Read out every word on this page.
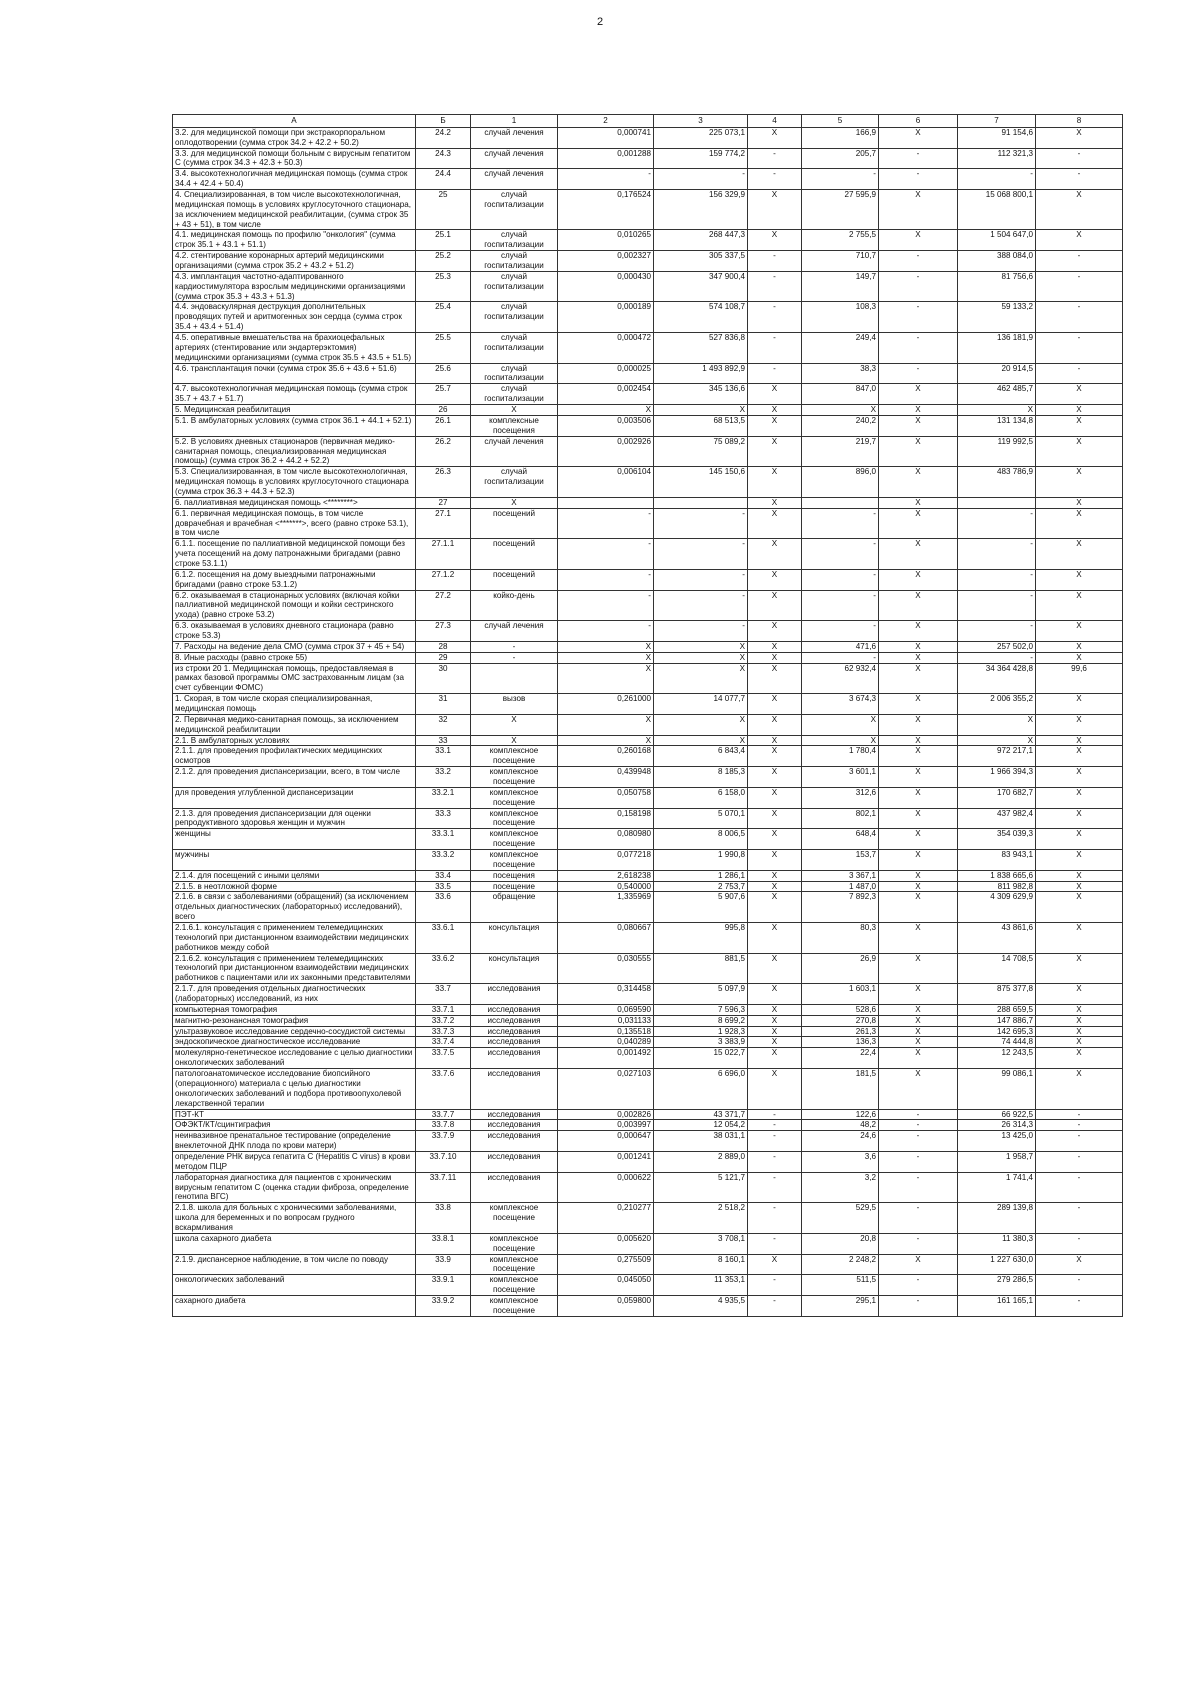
2
А	Б	1	2	3	4	5	6	7	8
3.2. для медицинской помощи при экстракорпоральном оплодотворении (сумма строк 34.2 + 42.2 + 50.2)	24.2	случай лечения	0,000741	225 073,1	X	166,9	X	91 154,6	X
3.3. для медицинской помощи больным с вирусным гепатитом С (сумма строк 34.3 + 42.3 + 50.3)	24.3	случай лечения	0,001288	159 774,2	-	205,7	-	112 321,3	-
3.4. высокотехнологичная медицинская помощь (сумма строк 34.4 + 42.4 + 50.4)	24.4	случай лечения	-	-	-	-	-	-	-
4. Специализированная, в том числе высокотехнологичная, медицинская помощь в условиях круглосуточного стационара, за исключением медицинской реабилитации, (сумма строк 35 + 43 + 51), в том числе	25	случай госпитализации	0,176524	156 329,9	X	27 595,9	X	15 068 800,1	X
4.1. медицинская помощь по профилю "онкология" (сумма строк 35.1 + 43.1 + 51.1)	25.1	случай госпитализации	0,010265	268 447,3	X	2 755,5	X	1 504 647,0	X
4.2. стентирование коронарных артерий медицинскими организациями (сумма строк 35.2 + 43.2 + 51.2)	25.2	случай госпитализации	0,002327	305 337,5	-	710,7	-	388 084,0	-
4.3. имплантация частотно-адаптированного кардиостимулятора взрослым медицинскими организациями (сумма строк 35.3 + 43.3 + 51.3)	25.3	случай госпитализации	0,000430	347 900,4	-	149,7	-	81 756,6	-
4.4. эндоваскулярная деструкция дополнительных проводящих путей и аритмогенных зон сердца (сумма строк 35.4 + 43.4 + 51.4)	25.4	случай госпитализации	0,000189	574 108,7	-	108,3	-	59 133,2	-
4.5. оперативные вмешательства на брахиоцефальных артериях (стентирование или эндартерэктомия) медицинскими организациями (сумма строк 35.5 + 43.5 + 51.5)	25.5	случай госпитализации	0,000472	527 836,8	-	249,4	-	136 181,9	-
4.6. трансплантация почки (сумма строк 35.6 + 43.6 + 51.6)	25.6	случай госпитализации	0,000025	1 493 892,9	-	38,3	-	20 914,5	-
4.7. высокотехнологичная медицинская помощь (сумма строк 35.7 + 43.7 + 51.7)	25.7	случай госпитализации	0,002454	345 136,6	X	847,0	X	462 485,7	X
5. Медицинская реабилитация	26	X	X	X	X	X	X	X	X
5.1. В амбулаторных условиях (сумма строк 36.1 + 44.1 + 52.1)	26.1	комплексные посещения	0,003506	68 513,5	X	240,2	X	131 134,8	X
5.2. В условиях дневных стационаров (первичная медико-санитарная помощь, специализированная медицинская помощь) (сумма строк 36.2 + 44.2 + 52.2)	26.2	случай лечения	0,002926	75 089,2	X	219,7	X	119 992,5	X
5.3. Специализированная, в том числе высокотехнологичная, медицинская помощь в условиях круглосуточного стационара (сумма строк 36.3 + 44.3 + 52.3)	26.3	случай госпитализации	0,006104	145 150,6	X	896,0	X	483 786,9	X
6. паллиативная медицинская помощь <********>	27	X			X		X		X
6.1. первичная медицинская помощь, в том числе доврачебная и врачебная <*******>, всего (равно строке 53.1), в том числе	27.1	посещений	-	-	X	-	X	-	X
6.1.1. посещение по паллиативной медицинской помощи без учета посещений на дому патронажными бригадами (равно строке 53.1.1)	27.1.1	посещений	-	-	X	-	X	-	X
6.1.2. посещения на дому выездными патронажными бригадами (равно строке 53.1.2)	27.1.2	посещений	-	-	X	-	X	-	X
6.2. оказываемая в стационарных условиях (включая койки паллиативной медицинской помощи и койки сестринского ухода) (равно строке 53.2)	27.2	койко-день	-	-	X	-	X	-	X
6.3. оказываемая в условиях дневного стационара (равно строке 53.3)	27.3	случай лечения	-	-	X	-	X	-	X
7. Расходы на ведение дела СМО (сумма строк 37 + 45 + 54)	28	-	X	X	X	471,6	X	257 502,0	X
8. Иные расходы (равно строке 55)	29	-	X	X	X	-	X	-	X
из строки 20 1. Медицинская помощь, предоставляемая в рамках базовой программы ОМС застрахованным лицам (за счет субвенции ФОМС)	30		X	X	X	62 932,4	X	34 364 428,8	99,6
1. Скорая, в том числе скорая специализированная, медицинская помощь	31	вызов	0,261000	14 077,7	X	3 674,3	X	2 006 355,2	X
2. Первичная медико-санитарная помощь, за исключением медицинской реабилитации	32	X	X	X	X	X	X	X	X
2.1. В амбулаторных условиях	33	X	X	X	X	X	X	X	X
2.1.1. для проведения профилактических медицинских осмотров	33.1	комплексное посещение	0,260168	6 843,4	X	1 780,4	X	972 217,1	X
2.1.2. для проведения диспансеризации, всего, в том числе	33.2	комплексное посещение	0,439948	8 185,3	X	3 601,1	X	1 966 394,3	X
для проведения углубленной диспансеризации	33.2.1	комплексное посещение	0,050758	6 158,0	X	312,6	X	170 682,7	X
2.1.3. для проведения диспансеризации для оценки репродуктивного здоровья женщин и мужчин	33.3	комплексное посещение	0,158198	5 070,1	X	802,1	X	437 982,4	X
женщины	33.3.1	комплексное посещение	0,080980	8 006,5	X	648,4	X	354 039,3	X
мужчины	33.3.2	комплексное посещение	0,077218	1 990,8	X	153,7	X	83 943,1	X
2.1.4. для посещений с иными целями	33.4	посещения	2,618238	1 286,1	X	3 367,1	X	1 838 665,6	X
2.1.5. в неотложной форме	33.5	посещение	0,540000	2 753,7	X	1 487,0	X	811 982,8	X
2.1.6. в связи с заболеваниями (обращений) (за исключением отдельных диагностических (лабораторных) исследований), всего	33.6	обращение	1,335969	5 907,6	X	7 892,3	X	4 309 629,9	X
2.1.6.1. консультация с применением телемедицинских технологий при дистанционном взаимодействии медицинских работников между собой	33.6.1	консультация	0,080667	995,8	X	80,3	X	43 861,6	X
2.1.6.2. консультация с применением телемедицинских технологий при дистанционном взаимодействии медицинских работников с пациентами или их законными представителями	33.6.2	консультация	0,030555	881,5	X	26,9	X	14 708,5	X
2.1.7. для проведения отдельных диагностических (лабораторных) исследований, из них	33.7	исследования	0,314458	5 097,9	X	1 603,1	X	875 377,8	X
компьютерная томография	33.7.1	исследования	0,069590	7 596,3	X	528,6	X	288 659,5	X
магнитно-резонансная томография	33.7.2	исследования	0,031133	8 699,2	X	270,8	X	147 886,7	X
ультразвуковое исследование сердечно-сосудистой системы	33.7.3	исследования	0,135518	1 928,3	X	261,3	X	142 695,3	X
эндоскопическое диагностическое исследование	33.7.4	исследования	0,040289	3 383,9	X	136,3	X	74 444,8	X
молекулярно-генетическое исследование с целью диагностики онкологических заболеваний	33.7.5	исследования	0,001492	15 022,7	X	22,4	X	12 243,5	X
патологоанатомическое исследование биопсийного (операционного) материала с целью диагностики онкологических заболеваний и подбора противоопухолевой лекарственной терапии	33.7.6	исследования	0,027103	6 696,0	X	181,5	X	99 086,1	X
ПЭТ-КТ	33.7.7	исследования	0,002826	43 371,7	-	122,6	-	66 922,5	-
ОФЭКТ/КТ/сцинтиграфия	33.7.8	исследования	0,003997	12 054,2	-	48,2	-	26 314,3	-
неинвазивное пренатальное тестирование (определение внеклеточной ДНК плода по крови матери)	33.7.9	исследования	0,000647	38 031,1	-	24,6	-	13 425,0	-
определение РНК вируса гепатита С (Hepatitis C virus) в крови методом ПЦР	33.7.10	исследования	0,001241	2 889,0	-	3,6	-	1 958,7	-
лабораторная диагностика для пациентов с хроническим вирусным гепатитом С (оценка стадии фиброза, определение генотипа ВГС)	33.7.11	исследования	0,000622	5 121,7	-	3,2	-	1 741,4	-
2.1.8. школа для больных с хроническими заболеваниями, школа для беременных и по вопросам грудного вскармливания	33.8	комплексное посещение	0,210277	2 518,2	-	529,5	-	289 139,8	-
школа сахарного диабета	33.8.1	комплексное посещение	0,005620	3 708,1	-	20,8	-	11 380,3	-
2.1.9. диспансерное наблюдение, в том числе по поводу	33.9	комплексное посещение	0,275509	8 160,1	X	2 248,2	X	1 227 630,0	X
онкологических заболеваний	33.9.1	комплексное посещение	0,045050	11 353,1	-	511,5	-	279 286,5	-
сахарного диабета	33.9.2	комплексное посещение	0,059800	4 935,5	-	295,1	-	161 165,1	-
